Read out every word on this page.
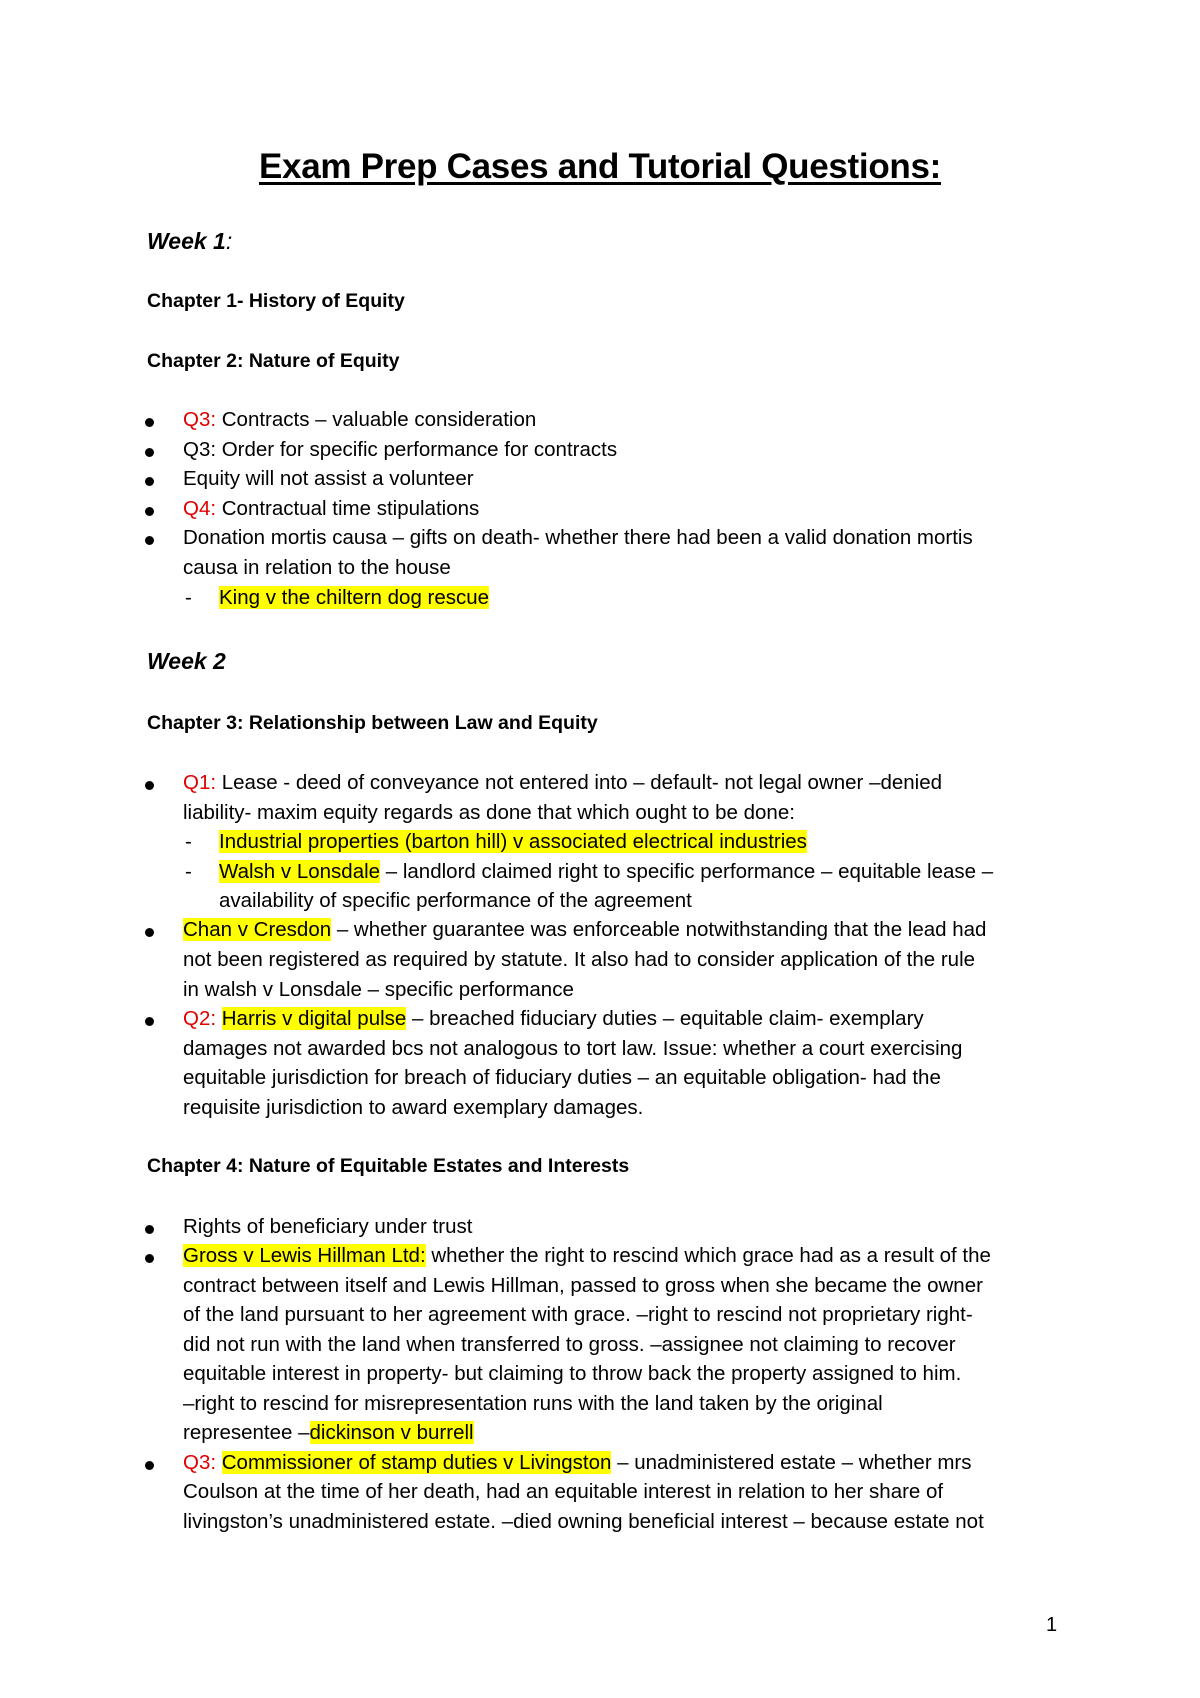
Exam Prep Cases and Tutorial Questions:
Week 1:
Chapter 1- History of Equity
Chapter 2: Nature of Equity
Q3: Contracts – valuable consideration
Q3: Order for specific performance for contracts
Equity will not assist a volunteer
Q4: Contractual time stipulations
Donation mortis causa – gifts on death- whether there had been a valid donation mortis
causa in relation to the house
- King v the chiltern dog rescue
Week 2
Chapter 3: Relationship between Law and Equity
Q1: Lease - deed of conveyance not entered into – default- not legal owner –denied
liability- maxim equity regards as done that which ought to be done:
- Industrial properties (barton hill) v associated electrical industries
- Walsh v Lonsdale – landlord claimed right to specific performance – equitable lease –
availability of specific performance of the agreement
Chan v Cresdon – whether guarantee was enforceable notwithstanding that the lead had
not been registered as required by statute. It also had to consider application of the rule
in walsh v Lonsdale – specific performance
Q2: Harris v digital pulse – breached fiduciary duties – equitable claim- exemplary
damages not awarded bcs not analogous to tort law. Issue: whether a court exercising
equitable jurisdiction for breach of fiduciary duties – an equitable obligation- had the
requisite jurisdiction to award exemplary damages.
Chapter 4: Nature of Equitable Estates and Interests
Rights of beneficiary under trust
Gross v Lewis Hillman Ltd: whether the right to rescind which grace had as a result of the
contract between itself and Lewis Hillman, passed to gross when she became the owner
of the land pursuant to her agreement with grace. –right to rescind not proprietary right-
did not run with the land when transferred to gross. –assignee not claiming to recover
equitable interest in property- but claiming to throw back the property assigned to him.
–right to rescind for misrepresentation runs with the land taken by the original
representee –dickinson v burrell
Q3: Commissioner of stamp duties v Livingston – unadministered estate – whether mrs
Coulson at the time of her death, had an equitable interest in relation to her share of
livingston’s unadministered estate. –died owning beneficial interest – because estate not
1
